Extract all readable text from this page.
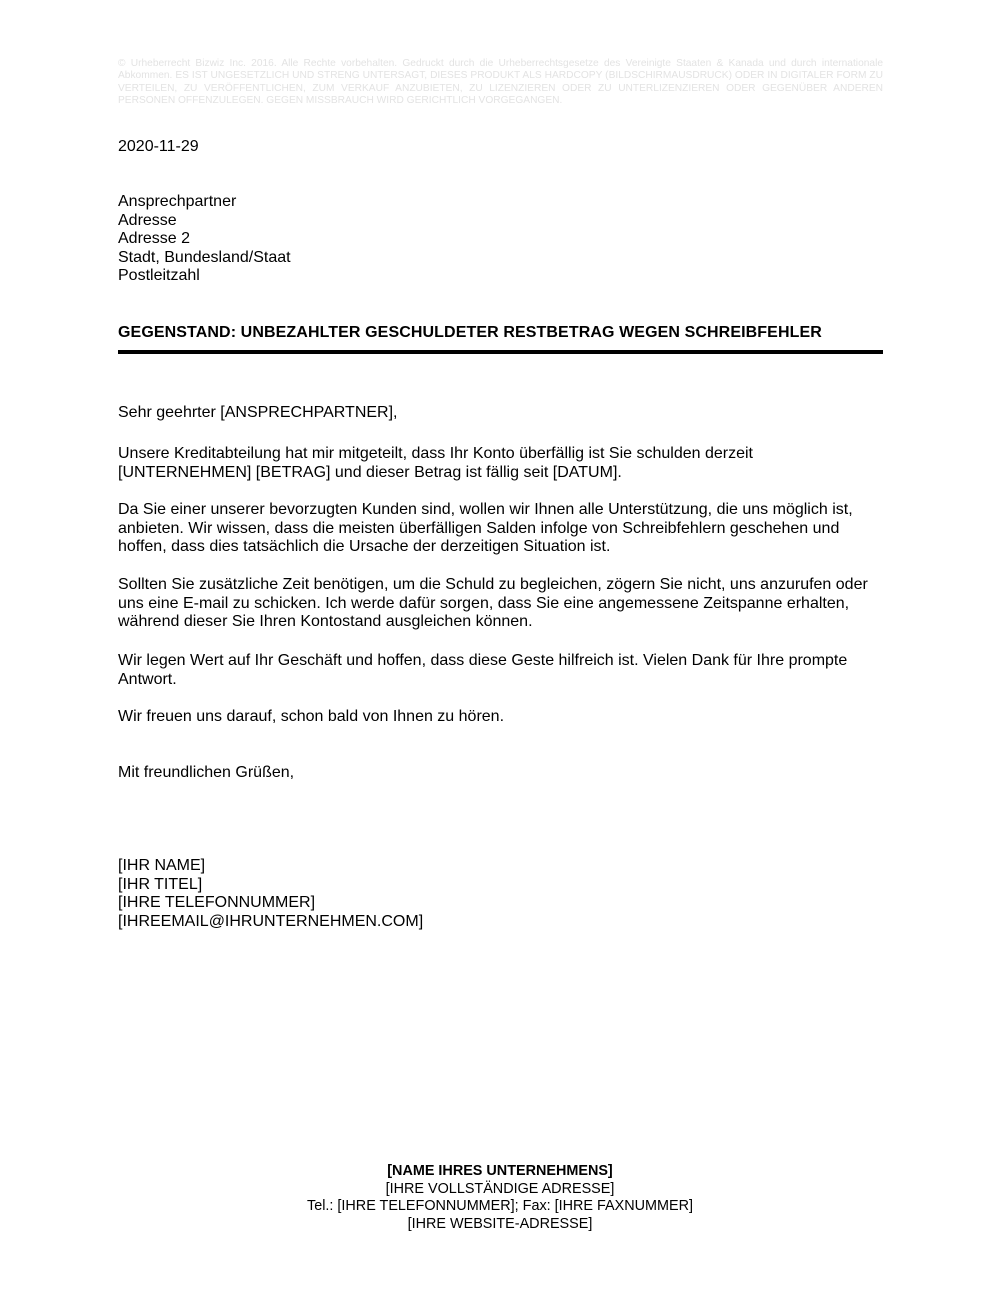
© Urheberrecht Bizwiz Inc. 2016. Alle Rechte vorbehalten. Gedruckt durch die Urheberrechtsgesetze des Vereinigte Staaten & Kanada und durch internationale Abkommen. ES IST UNGESETZLICH UND STRENG UNTERSAGT, DIESES PRODUKT ALS HARDCOPY (BILDSCHIRMAUSDRUCK) ODER IN DIGITALER FORM ZU VERTEILEN, ZU VERÖFFENTLICHEN, ZUM VERKAUF ANZUBIETEN, ZU LIZENZIEREN ODER ZU UNTERLIZENZIEREN ODER GEGENÜBER ANDEREN PERSONEN OFFENZULEGEN. GEGEN MISSBRAUCH WIRD GERICHTLICH VORGEGANGEN.
2020-11-29
Ansprechpartner
Adresse
Adresse 2
Stadt, Bundesland/Staat
Postleitzahl
GEGENSTAND: UNBEZAHLTER GESCHULDETER RESTBETRAG WEGEN SCHREIBFEHLER
Sehr geehrter [ANSPRECHPARTNER],
Unsere Kreditabteilung hat mir mitgeteilt, dass Ihr Konto überfällig ist Sie schulden derzeit [UNTERNEHMEN] [BETRAG] und dieser Betrag ist fällig seit [DATUM].
Da Sie einer unserer bevorzugten Kunden sind, wollen wir Ihnen alle Unterstützung, die uns möglich ist, anbieten. Wir wissen, dass die meisten überfälligen Salden infolge von Schreibfehlern geschehen und hoffen, dass dies tatsächlich die Ursache der derzeitigen Situation ist.
Sollten Sie zusätzliche Zeit benötigen, um die Schuld zu begleichen, zögern Sie nicht, uns anzurufen oder uns eine E-mail zu schicken. Ich werde dafür sorgen, dass Sie eine angemessene Zeitspanne erhalten, während dieser Sie Ihren Kontostand ausgleichen können.
Wir legen Wert auf Ihr Geschäft und hoffen, dass diese Geste hilfreich ist. Vielen Dank für Ihre prompte Antwort.
Wir freuen uns darauf, schon bald von Ihnen zu hören.
Mit freundlichen Grüßen,
[IHR NAME]
[IHR TITEL]
[IHRE TELEFONNUMMER]
[IHREEMAIL@IHRUNTERNEHMEN.COM]
[NAME IHRES UNTERNEHMENS]
[IHRE VOLLSTÄNDIGE ADRESSE]
Tel.: [IHRE TELEFONNUMMER]; Fax: [IHRE FAXNUMMER]
[IHRE WEBSITE-ADRESSE]
